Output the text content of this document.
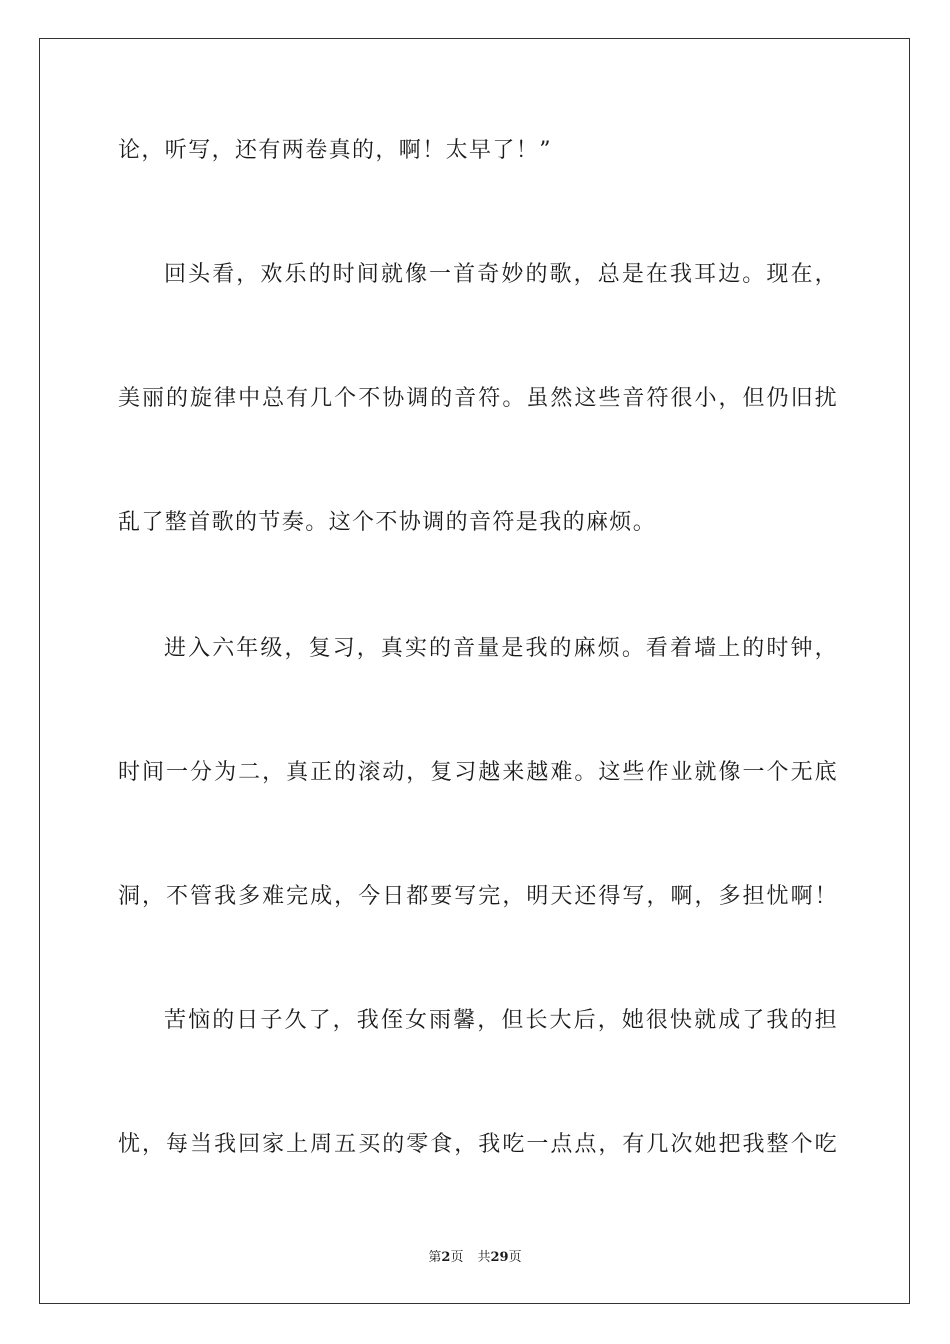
论，听写，还有两卷真的，啊！太早了！”
回头看，欢乐的时间就像一首奇妙的歌，总是在我耳边。现在，
美丽的旋律中总有几个不协调的音符。虽然这些音符很小，但仍旧扰
乱了整首歌的节奏。这个不协调的音符是我的麻烦。
进入六年级，复习，真实的音量是我的麻烦。看着墙上的时钟，
时间一分为二，真正的滚动，复习越来越难。这些作业就像一个无底
洞，不管我多难完成，今日都要写完，明天还得写，啊，多担忧啊！
苦恼的日子久了，我侄女雨馨，但长大后，她很快就成了我的担
忧，每当我回家上周五买的零食，我吃一点点，有几次她把我整个吃
第2页 共29页
